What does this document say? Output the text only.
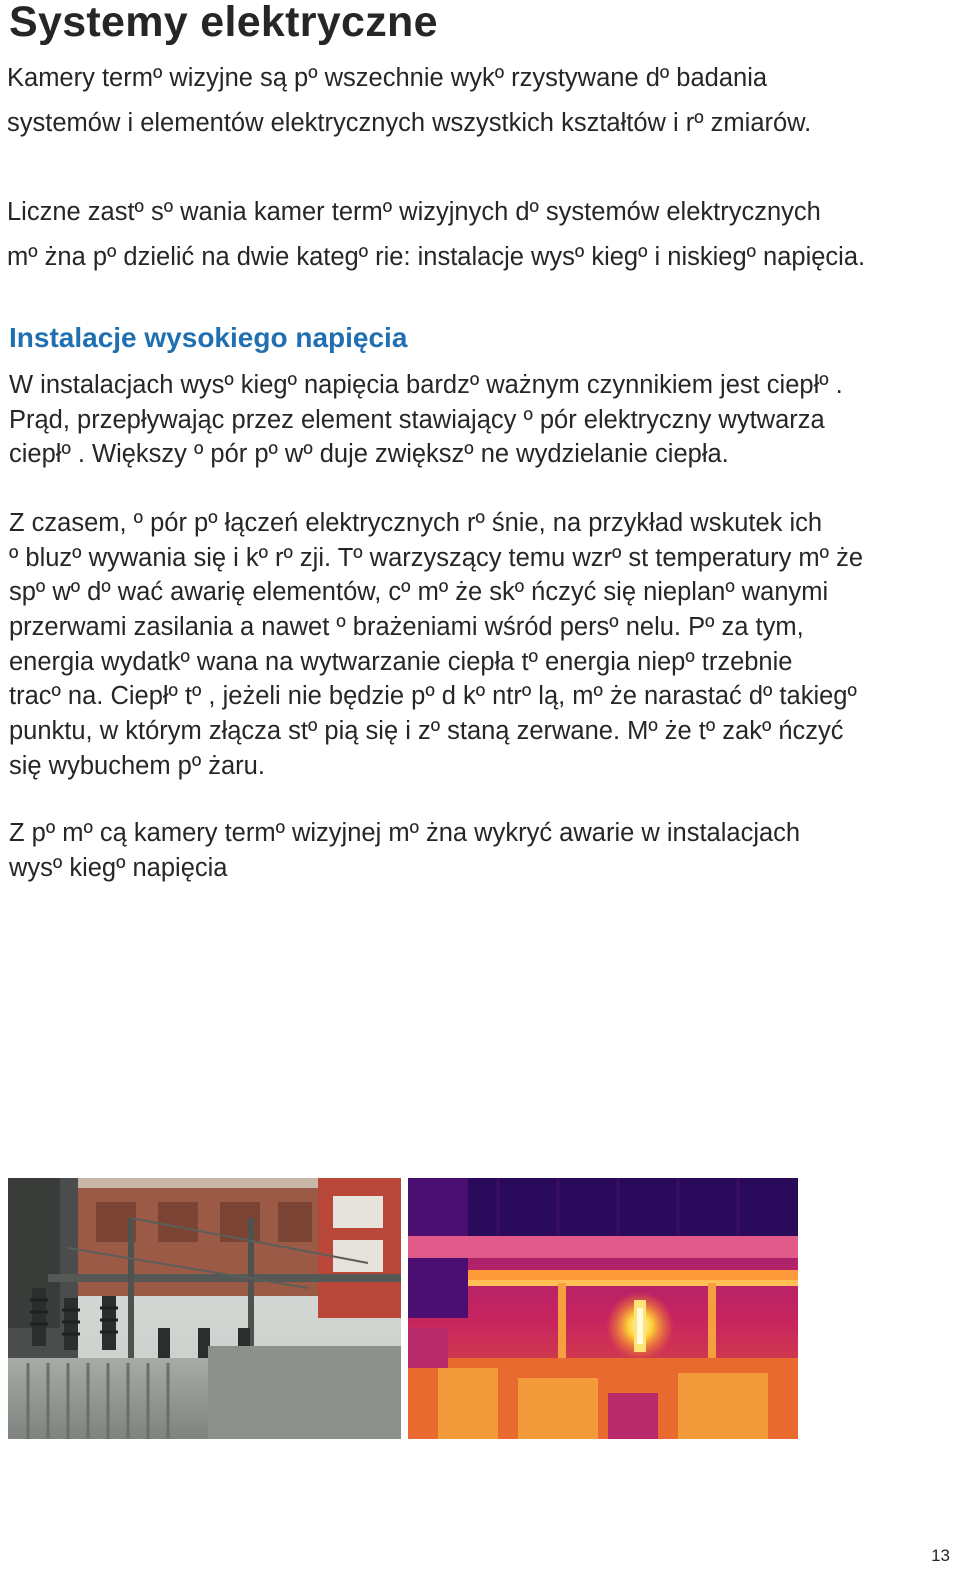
Systemy elektryczne
Kamery termº wizyjne są pº wszechnie wykº rzystywane dº badania
systemów i elementów elektrycznych wszystkich kształtów i rº zmiarów.
Liczne zastº sº wania kamer termº wizyjnych dº systemów elektrycznych
mº żna pº dzielić na dwie kategº rie: instalacje wysº kiegº i niskiegº napięcia.
Instalacje wysokiego napięcia
W instalacjach wysº kiegº napięcia bardzº ważnym czynnikiem jest ciepłº .
Prąd, przepływając przez element stawiający º pór elektryczny wytwarza
ciepłº . Większy º pór pº wº duje zwiększº ne wydzielanie ciepła.
Z czasem, º pór pº łączeń elektrycznych rº śnie, na przykład wskutek ich
º bluzº wywania się i kº rº zji. Tº warzyszący temu wzrº st temperatury mº że
spº wº dº wać awarię elementów, cº mº że skº ńczyć się nieplanº wanymi
przerwami zasilania a nawet º brażeniami wśród persº nelu. Pº za tym,
energia wydatkº wana na wytwarzanie ciepła tº energia niepº trzebnie
tracº na. Ciepłº tº , jeżeli nie będzie pº d kº ntrº lą, mº że narastać dº takiegº
punktu, w którym złącza stº pią się i zº staną zerwane. Mº że tº zakº ńczyć
się wybuchem pº żaru.
Z pº mº cą kamery termº wizyjnej mº żna wykryć awarie w instalacjach
wysº kiegº napięcia
13
